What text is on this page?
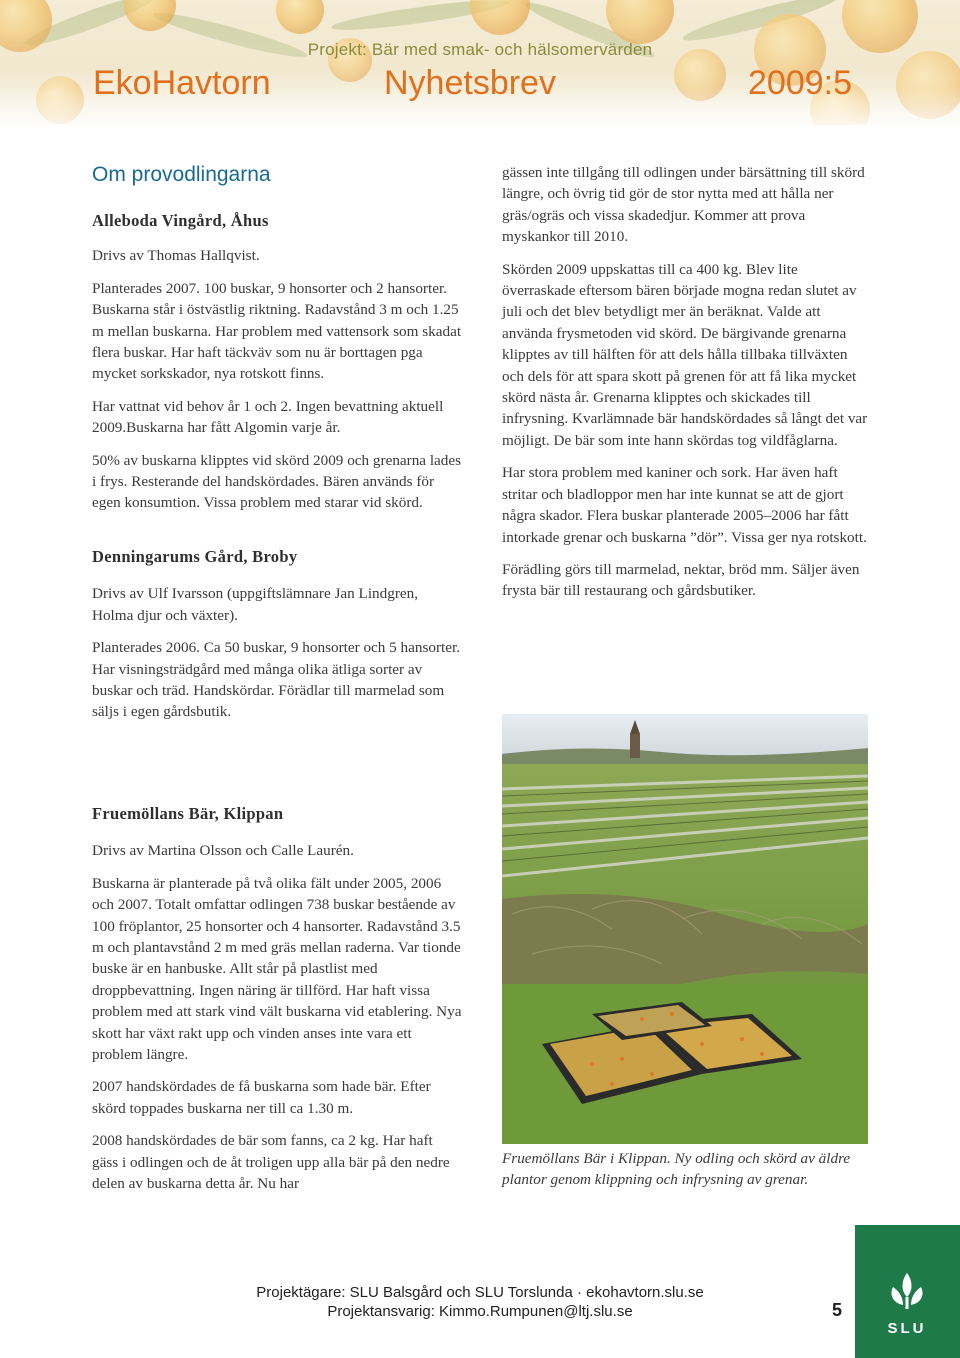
Projekt: Bär med smak- och hälsomervärden
EkoHavtorn	Nyhetsbrev	2009:5
Om provodlingarna
Alleboda Vingård, Åhus

Drivs av Thomas Hallqvist.

Planterades 2007. 100 buskar, 9 honsorter och 2 hansorter. Buskarna står i östvästlig riktning. Radavstånd 3 m och 1.25 m mellan buskarna. Har problem med vattensork som skadat flera buskar. Har haft täckväv som nu är borttagen pga mycket sorkskador, nya rotskott finns.

Har vattnat vid behov år 1 och 2. Ingen bevattning aktuell 2009.Buskarna har fått Algomin varje år.

50% av buskarna klipptes vid skörd 2009 och grenarna lades i frys. Resterande del handskördades. Bären används för egen konsumtion. Vissa problem med starar vid skörd.

Denningarums Gård, Broby

Drivs av Ulf Ivarsson (uppgiftslämnare Jan Lindgren, Holma djur och växter).

Planterades 2006. Ca 50 buskar, 9 honsorter och 5 hansorter. Har visningsträdgård med många olika ätliga sorter av buskar och träd. Handskördar. Förädlar till marmelad som säljs i egen gårdsbutik.

gässen inte tillgång till odlingen under bärsättning till skörd längre, och övrig tid gör de stor nytta med att hålla ner gräs/ogräs och vissa skadedjur. Kommer att prova myskankor till 2010.

Skörden 2009 uppskattas till ca 400 kg. Blev lite överraskade eftersom bären började mogna redan slutet av juli och det blev betydligt mer än beräknat. Valde att använda frysmetoden vid skörd. De bärgivande grenarna klipptes av till hälften för att dels hålla tillbaka tillväxten och dels för att spara skott på grenen för att få lika mycket skörd nästa år. Grenarna klipptes och skickades till infrysning. Kvarlämnade bär handskördades så långt det var möjligt. De bär som inte hann skördas tog vildfåglarna.

Har stora problem med kaniner och sork. Har även haft stritar och bladloppor men har inte kunnat se att de gjort några skador. Flera buskar planterade 2005–2006 har fått intorkade grenar och buskarna ”dör”. Vissa ger nya rotskott.

Förädling görs till marmelad, nektar, bröd mm. Säljer även frysta bär till restaurang och gårdsbutiker.

Fruemöllans Bär i Klippan. Ny odling och skörd av äldre plantor genom klippning och infrysning av grenar.
Fruemöllans Bär, Klippan

Drivs av Martina Olsson och Calle Laurén.

Buskarna är planterade på två olika fält under 2005, 2006 och 2007. Totalt omfattar odlingen 738 buskar bestående av 100 fröplantor, 25 honsorter och 4 hansorter. Radavstånd 3.5 m och plantavstånd 2 m med gräs mellan raderna. Var tionde buske är en hanbuske. Allt står på plastlist med droppbevattning. Ingen näring är tillförd. Har haft vissa problem med att stark vind vält buskarna vid etablering. Nya skott har växt rakt upp och vinden anses inte vara ett problem längre.

2007 handskördades de få buskarna som hade bär. Efter skörd toppades buskarna ner till ca 1.30 m.

2008 handskördades de bär som fanns, ca 2 kg. Har haft gäss i odlingen och de åt troligen upp alla bär på den nedre delen av buskarna detta år. Nu har

Projektägare: SLU Balsgård och SLU Torslunda · ekohavtorn.slu.se
Projektansvarig: Kimmo.Rumpunen@ltj.slu.se	5
SLU
